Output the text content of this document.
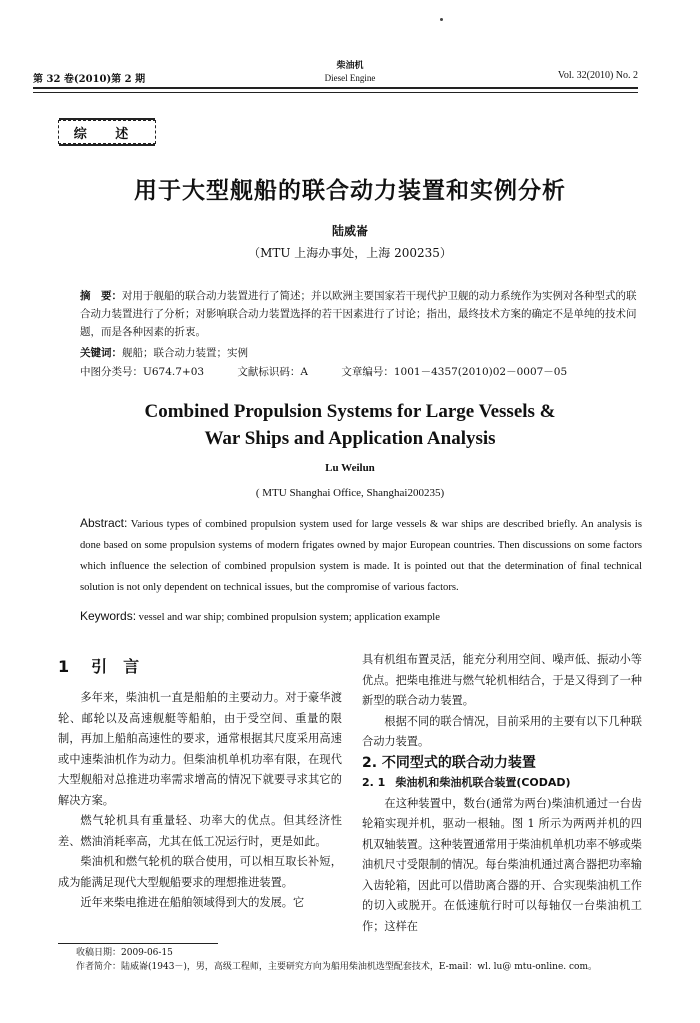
第 32 卷(2010)第 2 期
柴油机
Diesel Engine	Vol. 32(2010) No. 2
综 述
用于大型舰船的联合动力装置和实例分析
陆威崙
（MTU 上海办事处，上海 200235）
摘　要：对用于舰船的联合动力装置进行了简述；并以欧洲主要国家若干现代护卫舰的动力系统作为实例对各种型式的联合动力装置进行了分析；对影响联合动力装置选择的若干因素进行了讨论；指出，最终技术方案的确定不是单纯的技术问题，而是各种因素的折衷。
关键词：舰船；联合动力装置；实例
中图分类号：U674.7+03	文献标识码：A	文章编号：1001－4357(2010)02－0007－05
Combined Propulsion Systems for Large Vessels &
War Ships and Application Analysis
Lu Weilun
( MTU Shanghai Office, Shanghai200235)
Abstract: Various types of combined propulsion system used for large vessels & war ships are described briefly. An analysis is done based on some propulsion systems of modern frigates owned by major European countries. Then discussions on some factors which influence the selection of combined propulsion system is made. It is pointed out that the determination of final technical solution is not only dependent on technical issues, but the compromise of various factors.
Keywords: vessel and war ship; combined propulsion system; application example
1 引　言

多年来，柴油机一直是船舶的主要动力。对于豪华渡轮、邮轮以及高速舰艇等船舶，由于受空间、重量的限制，再加上船舶高速性的要求，通常根据其尺度采用高速或中速柴油机作为动力。但柴油机单机功率有限，在现代大型舰船对总推进功率需求增高的情况下就要寻求其它的解决方案。

燃气轮机具有重量轻、功率大的优点。但其经济性差、燃油消耗率高，尤其在低工况运行时，更是如此。

柴油机和燃气轮机的联合使用，可以相互取长补短，成为能满足现代大型舰船要求的理想推进装置。

近年来柴电推进在船舶领域得到大的发展。它

具有机组布置灵活，能充分利用空间、噪声低、振动小等优点。把柴电推进与燃气轮机相结合，于是又得到了一种新型的联合动力装置。

根据不同的联合情况，目前采用的主要有以下几种联合动力装置。

2. 不同型式的联合动力装置

2. 1 柴油机和柴油机联合装置(CODAD)

在这种装置中，数台(通常为两台)柴油机通过一台齿轮箱实现并机，驱动一根轴。图 1 所示为两两并机的四机双轴装置。这种装置通常用于柴油机单机功率不够或柴油机尺寸受限制的情况。每台柴油机通过离合器把功率输入齿轮箱，因此可以借助离合器的开、合实现柴油机工作的切入或脱开。在低速航行时可以每轴仅一台柴油机工作；这样在

收稿日期：2009-06-15
作者简介：陆威崙(1943－)，男，高级工程师，主要研究方向为船用柴油机选型配套技术，E-mail：wl. lu@ mtu-online. com。
